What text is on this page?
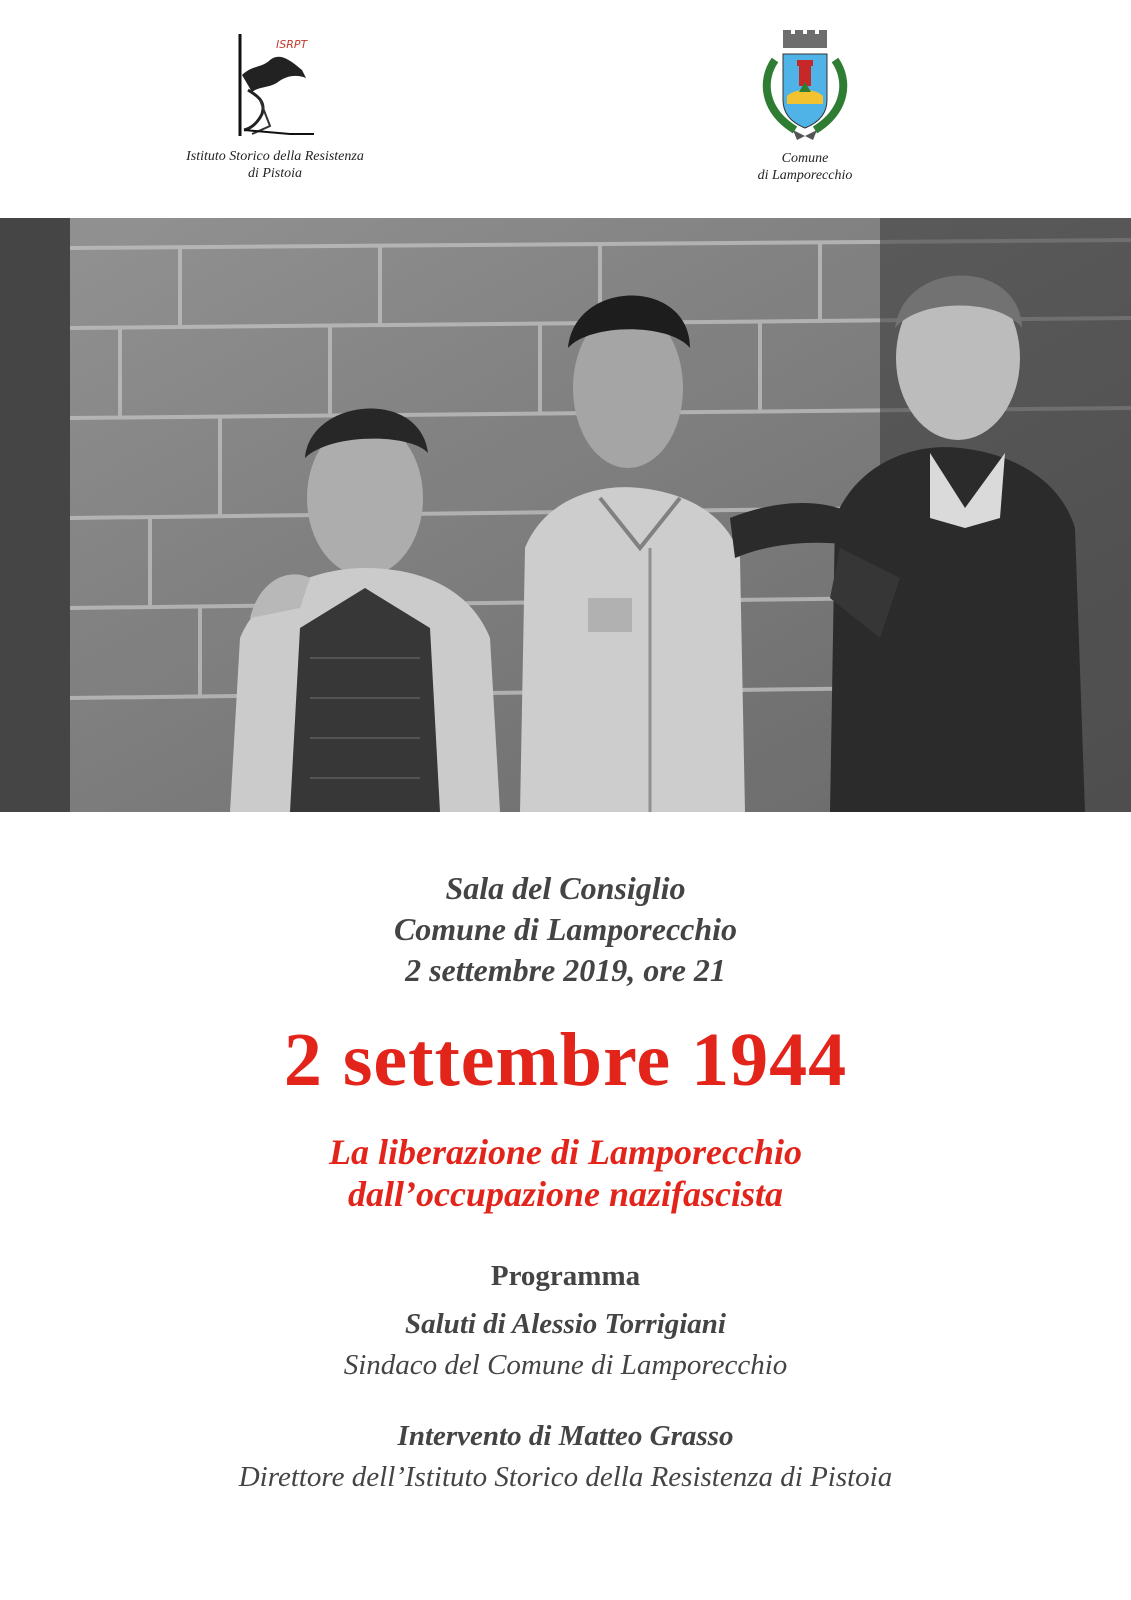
ISRPT
Istituto Storico della Resistenza
di Pistoia
Comune
di Lamporecchio
Sala del Consiglio
Comune di Lamporecchio
2 settembre 2019, ore 21
2 settembre 1944
La liberazione di Lamporecchio
dall’occupazione nazifascista
Programma
Saluti di Alessio Torrigiani
Sindaco del Comune di Lamporecchio
Intervento di Matteo Grasso
Direttore dell’Istituto Storico della Resistenza di Pistoia
